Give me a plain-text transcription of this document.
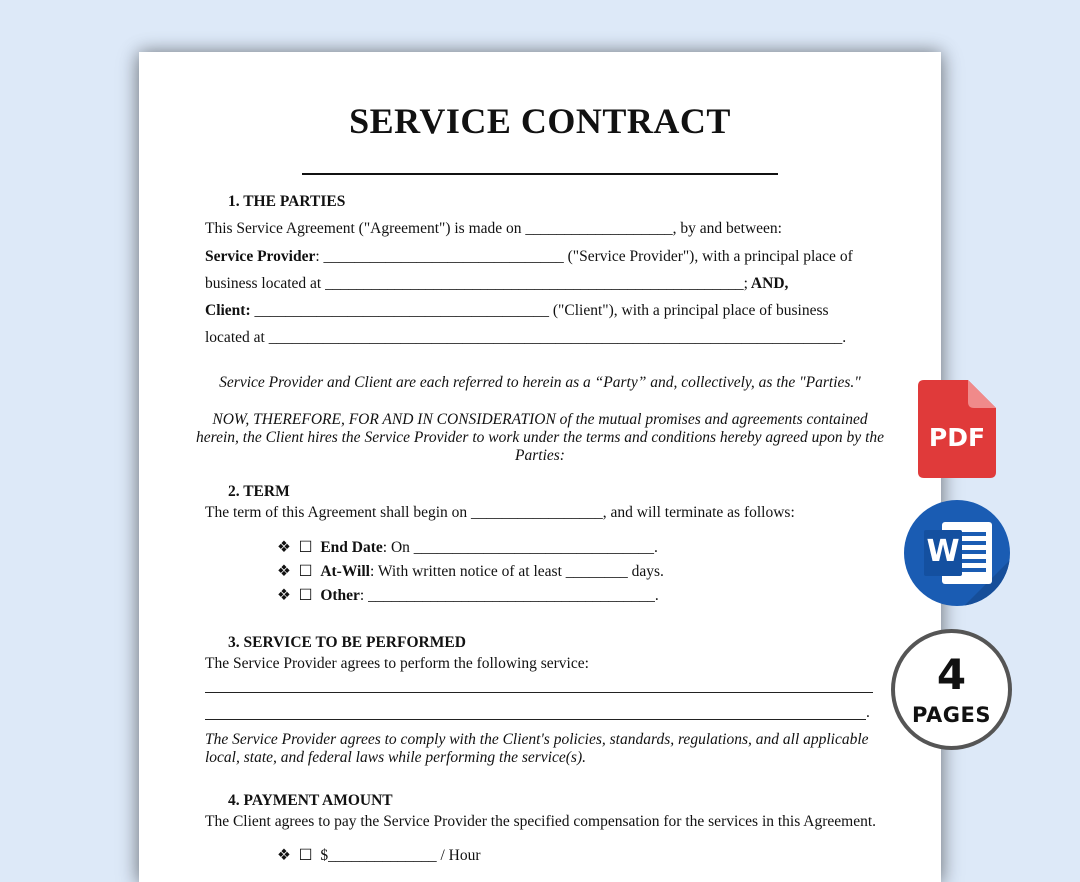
SERVICE CONTRACT
1. THE PARTIES
This Service Agreement ("Agreement") is made on ___________________, by and between:
Service Provider: _______________________________ ("Service Provider"), with a principal place of
business located at ______________________________________________________; AND,
Client: ______________________________________ ("Client"), with a principal place of business
located at __________________________________________________________________________.
Service Provider and Client are each referred to herein as a “Party” and, collectively, as the "Parties."
NOW, THEREFORE, FOR AND IN CONSIDERATION of the mutual promises and agreements contained herein, the Client hires the Service Provider to work under the terms and conditions hereby agreed upon by the Parties:
2. TERM
The term of this Agreement shall begin on _________________, and will terminate as follows:
❖ ☐ End Date: On _______________________________.
❖ ☐ At-Will: With written notice of at least ________ days.
❖ ☐ Other: _____________________________________.
3. SERVICE TO BE PERFORMED
The Service Provider agrees to perform the following service:
.
The Service Provider agrees to comply with the Client's policies, standards, regulations, and all applicable local, state, and federal laws while performing the service(s).
4. PAYMENT AMOUNT
The Client agrees to pay the Service Provider the specified compensation for the services in this Agreement.
❖ ☐ $______________ / Hour
PDF
W
4
PAGES
